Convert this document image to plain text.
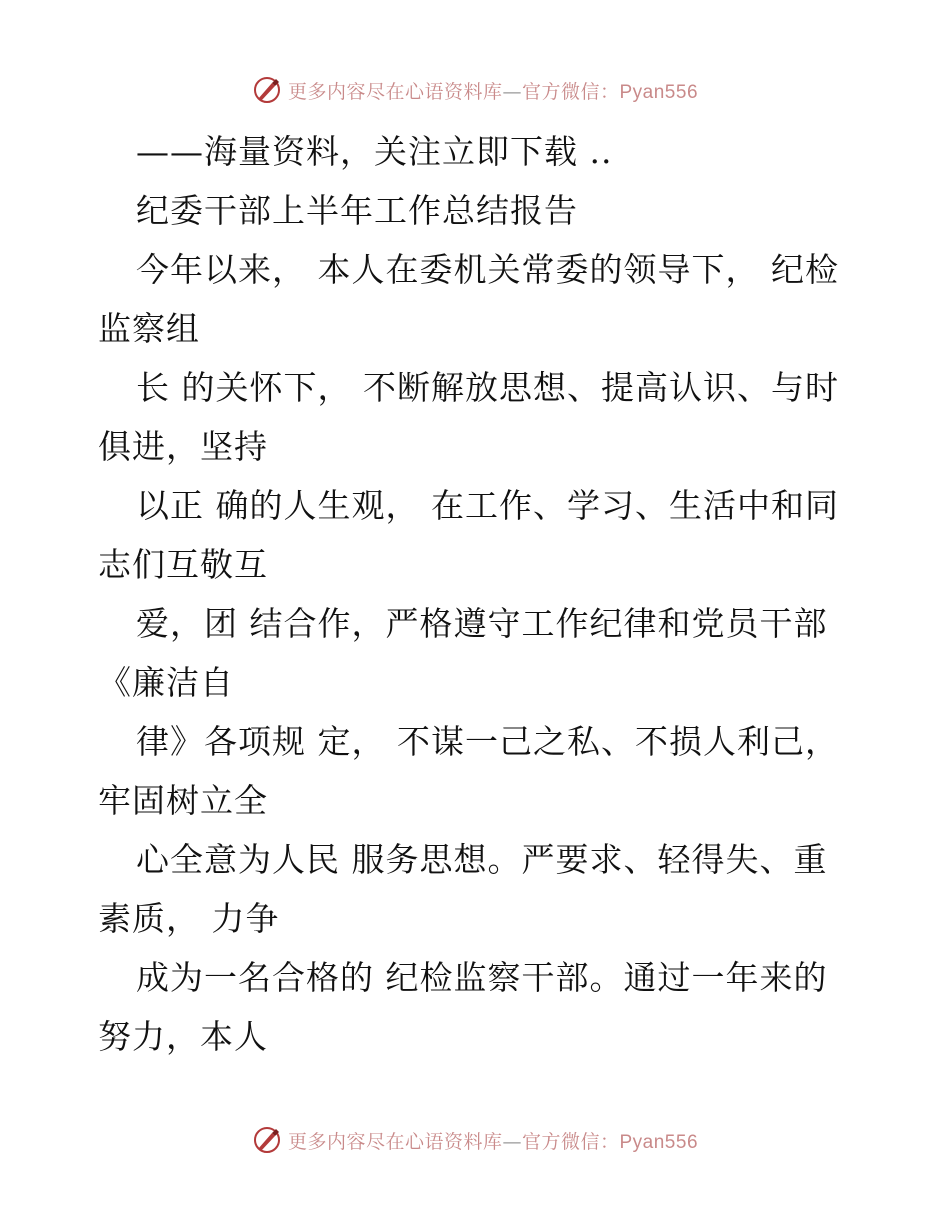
更多内容尽在心语资料库—官方微信：Pyan556
——海量资料，关注立即下载 ..
纪委干部上半年工作总结报告
今年以来， 本人在委机关常委的领导下， 纪检
监察组
长 的关怀下， 不断解放思想、提高认识、与时
俱进，坚持
以正 确的人生观， 在工作、学习、生活中和同
志们互敬互
爱，团 结合作，严格遵守工作纪律和党员干部
《廉洁自
律》各项规 定， 不谋一己之私、不损人利己，
牢固树立全
心全意为人民 服务思想。严要求、轻得失、重
素质， 力争
成为一名合格的 纪检监察干部。通过一年来的
努力，本人
更多内容尽在心语资料库—官方微信：Pyan556
